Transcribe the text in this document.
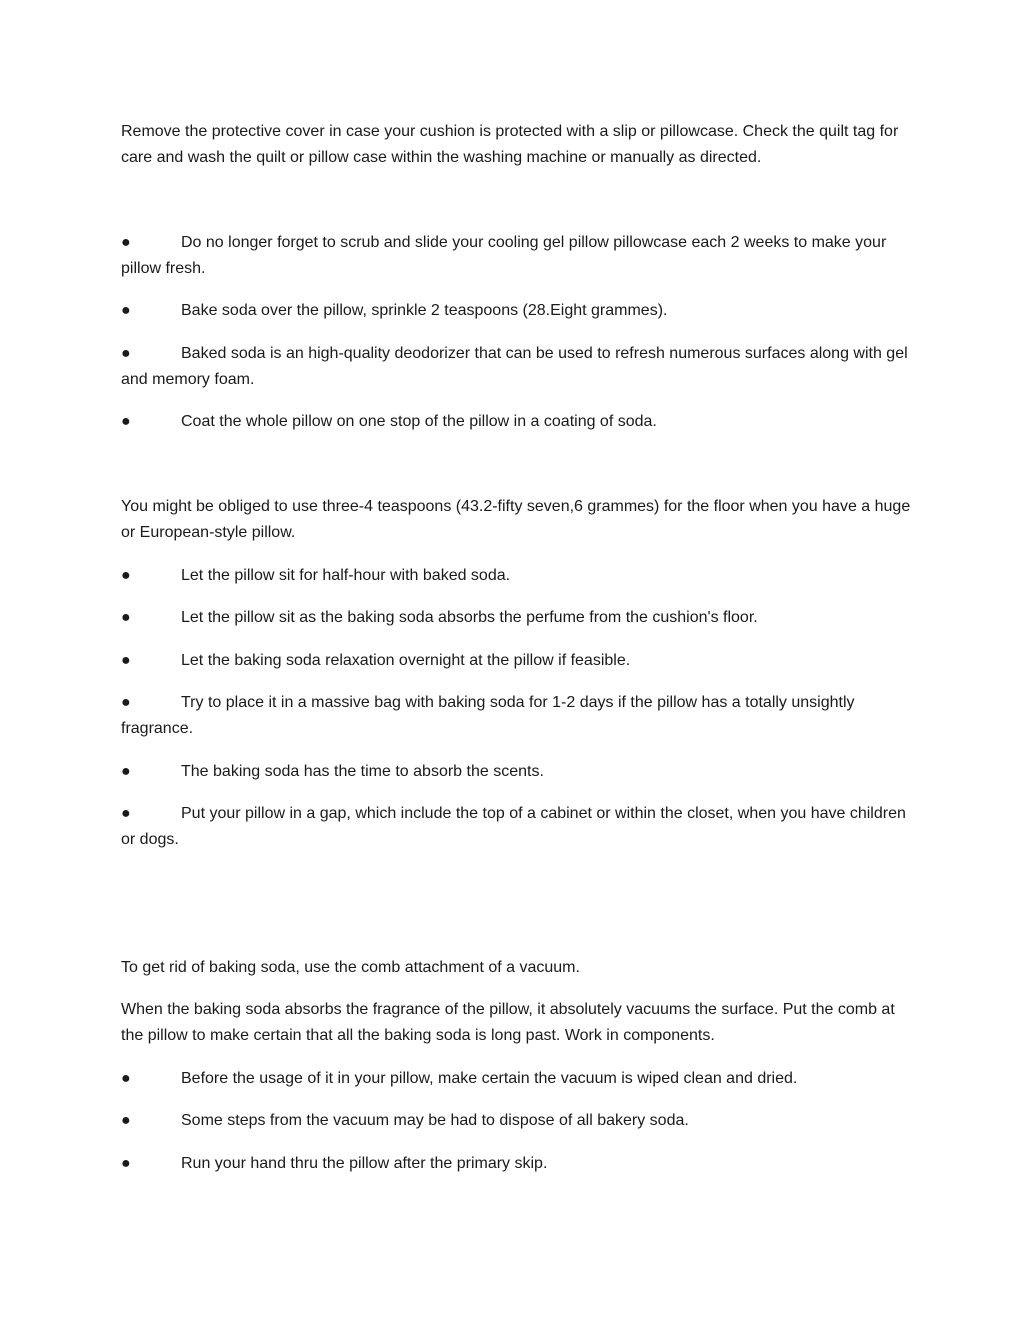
Remove the protective cover in case your cushion is protected with a slip or pillowcase. Check the quilt tag for care and wash the quilt or pillow case within the washing machine or manually as directed.

●	Do no longer forget to scrub and slide your cooling gel pillow pillowcase each 2 weeks to make your pillow fresh.

●	Bake soda over the pillow, sprinkle 2 teaspoons (28.Eight grammes).

●	Baked soda is an high-quality deodorizer that can be used to refresh numerous surfaces along with gel and memory foam.

●	Coat the whole pillow on one stop of the pillow in a coating of soda.

You might be obliged to use three-4 teaspoons (43.2-fifty seven,6 grammes) for the floor when you have a huge or European-style pillow.

●	Let the pillow sit for half-hour with baked soda.

●	Let the pillow sit as the baking soda absorbs the perfume from the cushion's floor.

●	Let the baking soda relaxation overnight at the pillow if feasible.

●	Try to place it in a massive bag with baking soda for 1-2 days if the pillow has a totally unsightly fragrance.

●	The baking soda has the time to absorb the scents.

●	Put your pillow in a gap, which include the top of a cabinet or within the closet, when you have children or dogs.

To get rid of baking soda, use the comb attachment of a vacuum.

When the baking soda absorbs the fragrance of the pillow, it absolutely vacuums the surface. Put the comb at the pillow to make certain that all the baking soda is long past. Work in components.

●	Before the usage of it in your pillow, make certain the vacuum is wiped clean and dried.

●	Some steps from the vacuum may be had to dispose of all bakery soda.

●	Run your hand thru the pillow after the primary skip.
